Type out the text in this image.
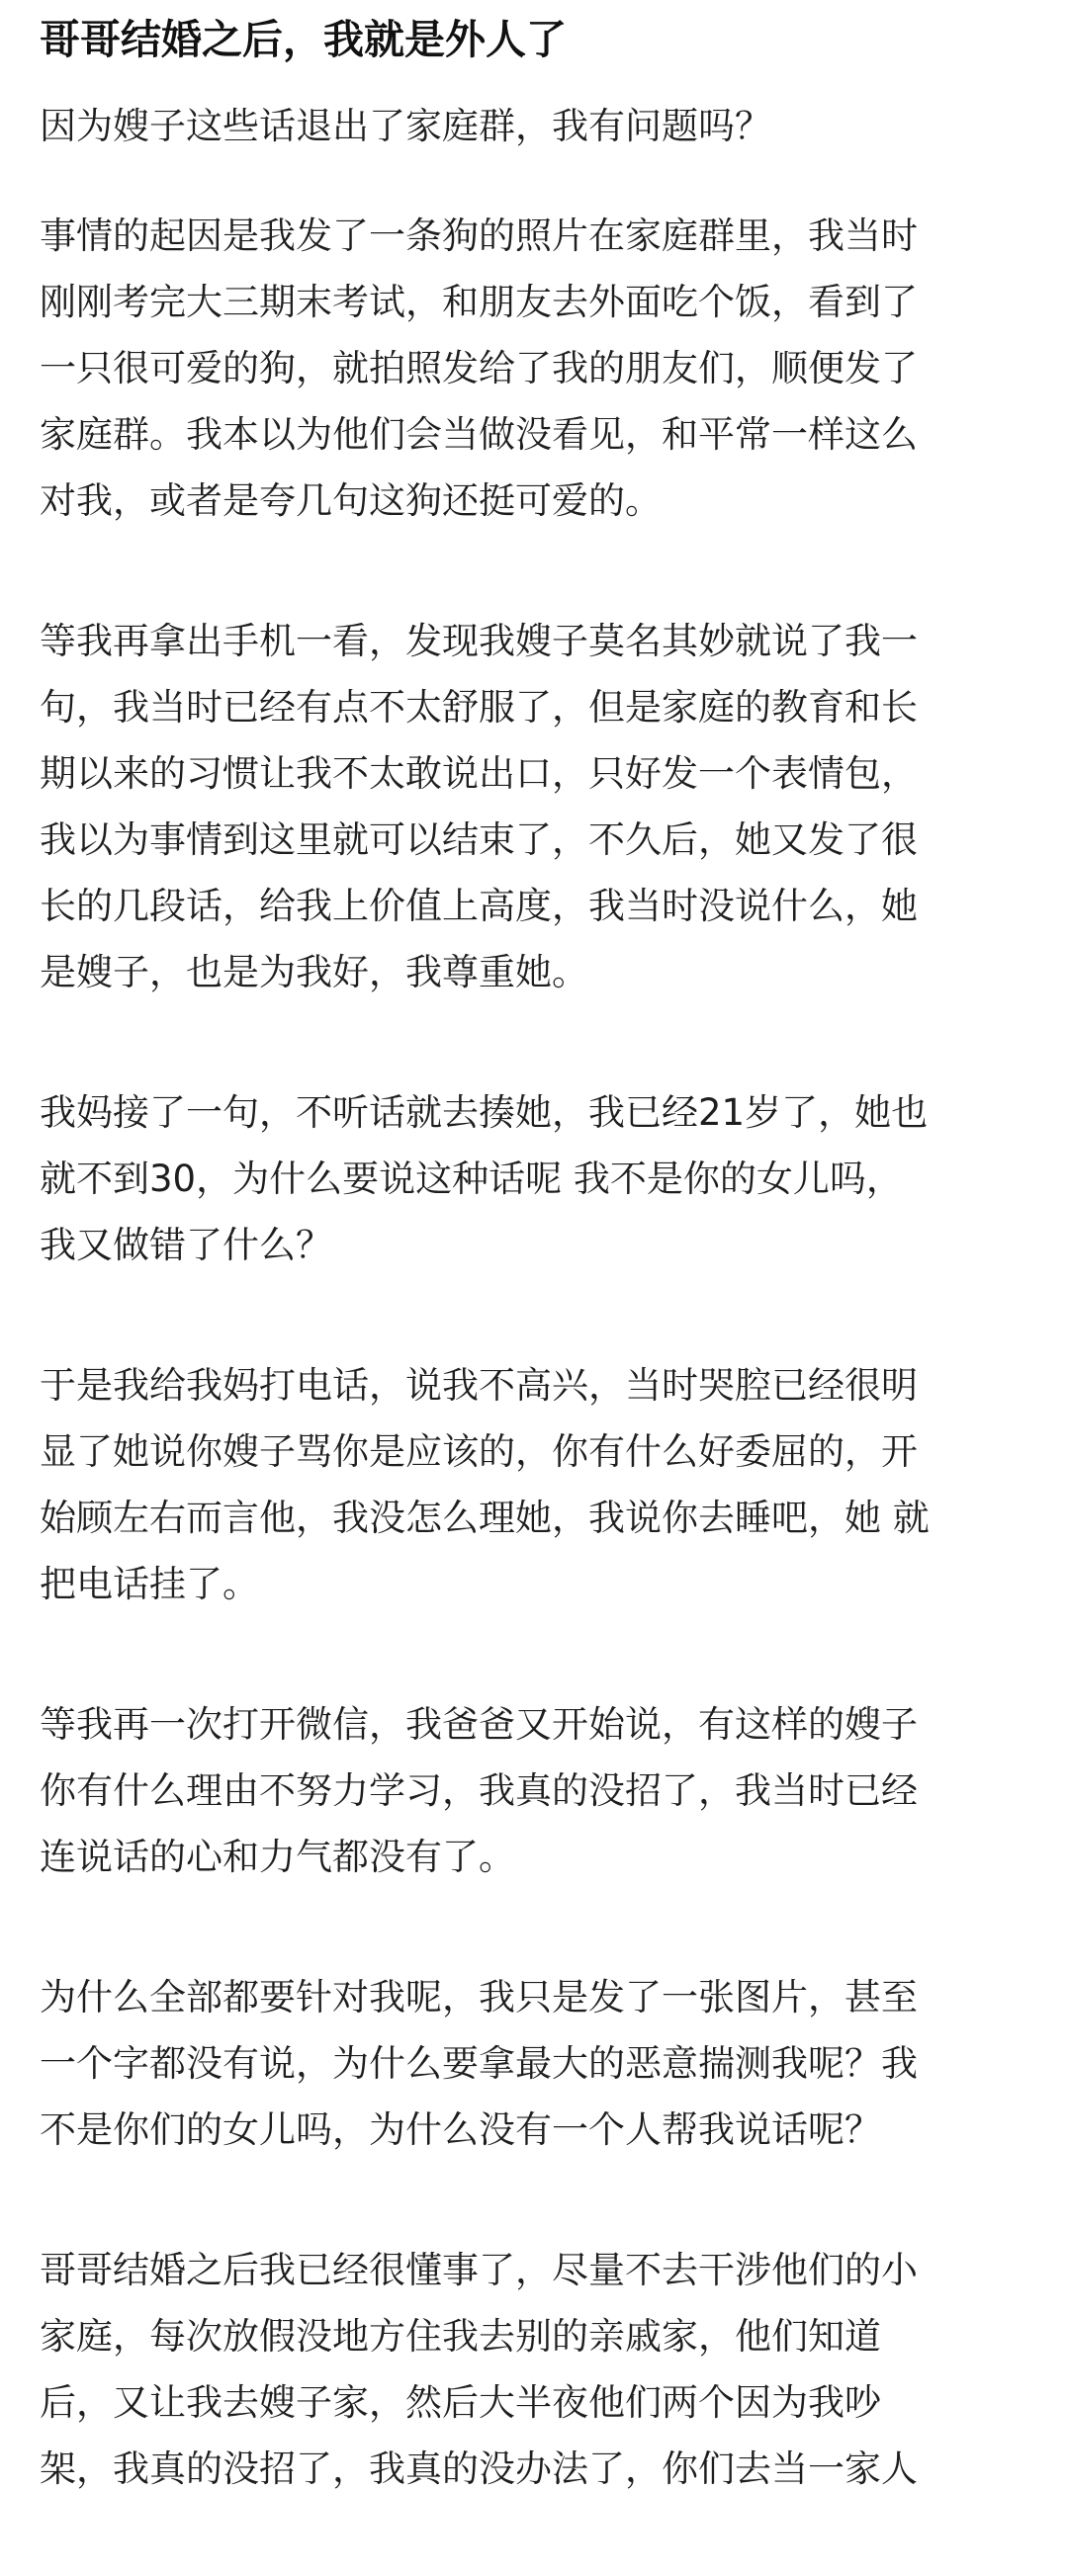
哥哥结婚之后，我就是外人了

因为嫂子这些话退出了家庭群，我有问题吗？

事情的起因是我发了一条狗的照片在家庭群里，我当时
刚刚考完大三期末考试，和朋友去外面吃个饭，看到了
一只很可爱的狗，就拍照发给了我的朋友们，顺便发了
家庭群。我本以为他们会当做没看见，和平常一样这么
对我，或者是夸几句这狗还挺可爱的。
等我再拿出手机一看，发现我嫂子莫名其妙就说了我一
句，我当时已经有点不太舒服了，但是家庭的教育和长
期以来的习惯让我不太敢说出口，只好发一个表情包，
我以为事情到这里就可以结束了，不久后，她又发了很
长的几段话，给我上价值上高度，我当时没说什么，她
是嫂子，也是为我好，我尊重她。
我妈接了一句，不听话就去揍她，我已经21岁了，她也
就不到30，为什么要说这种话呢 我不是你的女儿吗，
我又做错了什么？
于是我给我妈打电话，说我不高兴，当时哭腔已经很明
显了她说你嫂子骂你是应该的，你有什么好委屈的，开
始顾左右而言他，我没怎么理她，我说你去睡吧，她 就
把电话挂了。
等我再一次打开微信，我爸爸又开始说，有这样的嫂子
你有什么理由不努力学习，我真的没招了，我当时已经
连说话的心和力气都没有了。
为什么全部都要针对我呢，我只是发了一张图片，甚至
一个字都没有说，为什么要拿最大的恶意揣测我呢？我
不是你们的女儿吗，为什么没有一个人帮我说话呢？
哥哥结婚之后我已经很懂事了，尽量不去干涉他们的小
家庭，每次放假没地方住我去别的亲戚家，他们知道
后，又让我去嫂子家，然后大半夜他们两个因为我吵
架，我真的没招了，我真的没办法了，你们去当一家人
